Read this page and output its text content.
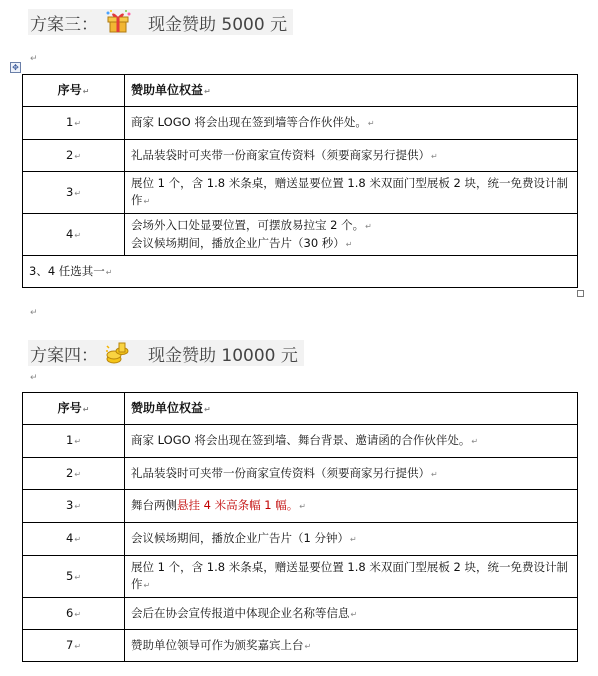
方案三：	现金赞助 5000 元
↵
✥
序号↵	赞助单位权益↵
1↵	商家 LOGO 将会出现在签到墙等合作伙伴处。↵
2↵	礼品装袋时可夹带一份商家宣传资料（须要商家另行提供）↵
3↵	展位 1 个，含 1.8 米条桌，赠送显要位置 1.8 米双面门型展板 2 块，统一免费设计制作↵
4↵	会场外入口处显要位置，可摆放易拉宝 2 个。↵
会议候场期间，播放企业广告片（30 秒）↵
3、4 任选其一↵	
↵
方案四：	现金赞助 10000 元
↵
序号↵	赞助单位权益↵
1↵	商家 LOGO 将会出现在签到墙、舞台背景、邀请函的合作伙伴处。↵
2↵	礼品装袋时可夹带一份商家宣传资料（须要商家另行提供）↵
3↵	舞台两侧悬挂 4 米高条幅 1 幅。↵
4↵	会议候场期间，播放企业广告片（1 分钟）↵
5↵	展位 1 个，含 1.8 米条桌，赠送显要位置 1.8 米双面门型展板 2 块，统一免费设计制作↵
6↵	会后在协会宣传报道中体现企业名称等信息↵
7↵	赞助单位领导可作为颁奖嘉宾上台↵
